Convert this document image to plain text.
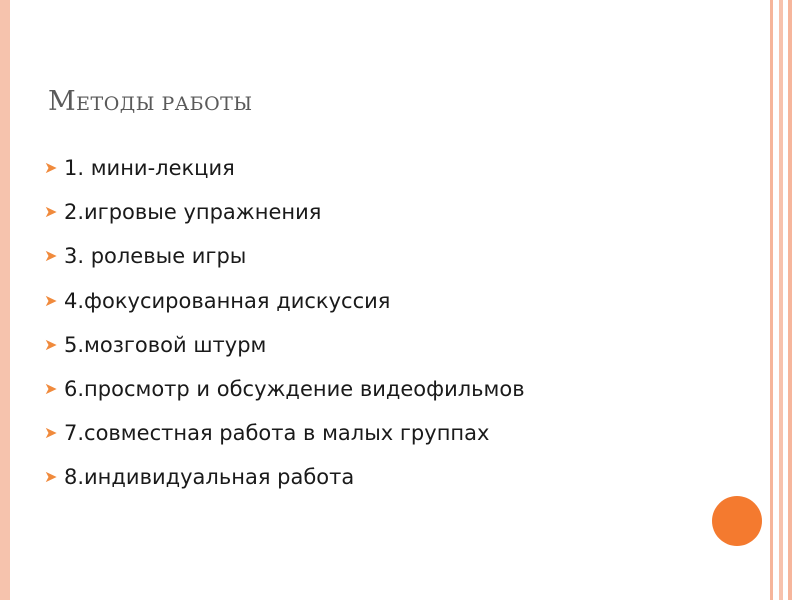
МЕТОДЫ РАБОТЫ
➤ 1. мини-лекция
➤ 2.игровые упражнения
➤ 3. ролевые игры
➤ 4.фокусированная дискуссия
➤ 5.мозговой штурм
➤ 6.просмотр и обсуждение видеофильмов
➤ 7.совместная работа в малых группах
➤ 8.индивидуальная работа
